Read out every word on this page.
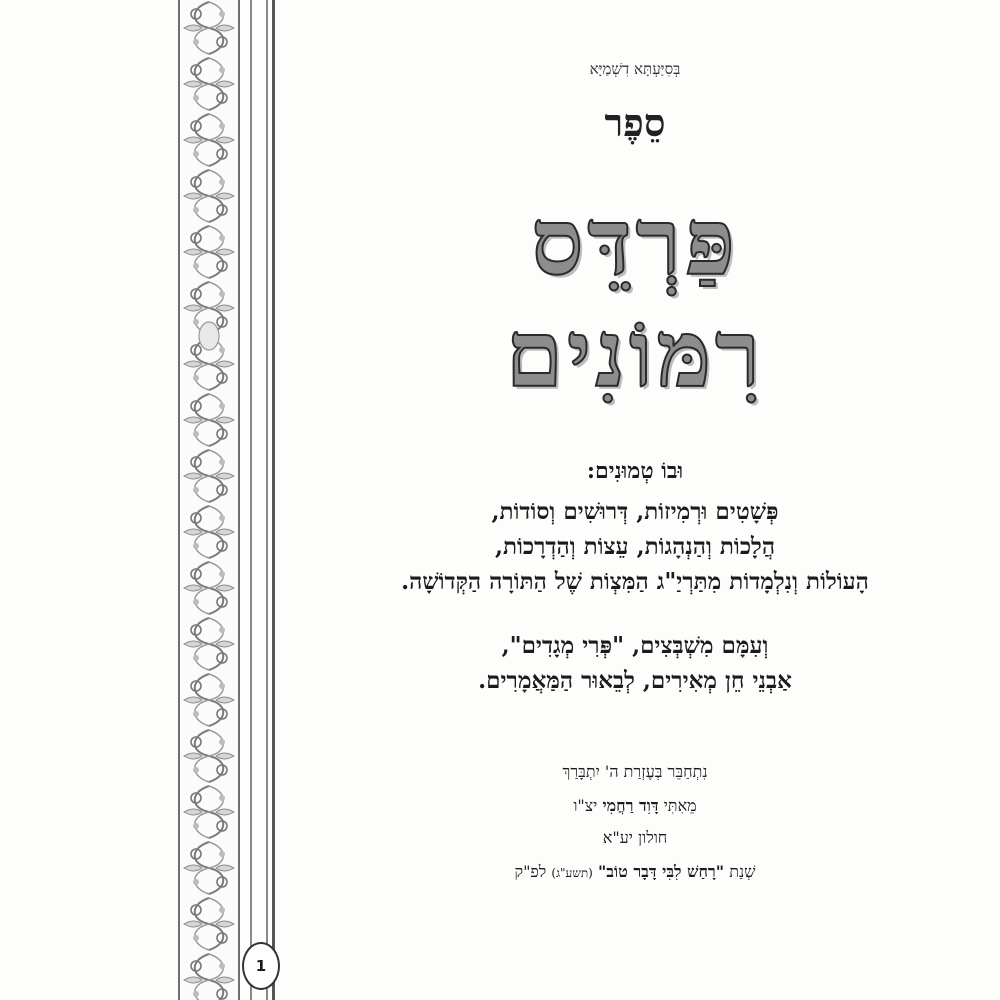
בְּסִיַּעְתָּא דִשְׁמַיָּא
סֵפֶר
פַּרְדֵּס
רִמּוֹנִים
וּבוֹ טְמוּנִים:
פְּשָׁטִים וּרְמִיזוֹת, דְּרוּשִׁים וְסוֹדוֹת,
הֲלָכוֹת וְהַנְהָגוֹת, עֵצוֹת וְהַדְרָכוֹת,
הָעוֹלוֹת וְנִלְמָדוֹת מִתַּרְיַ"ג הַמִּצְוֹת שֶׁל הַתּוֹרָה הַקְּדוֹשָׁה.
וְעִמָּם מִשְׁבְּצִים, "פְּרִי מְגָדִים",
אַבְנֵי חֵן מְאִירִים, לְבֵאוּר הַמַּאֲמָרִים.
נִתְחַבֵּר בְּעֶזְרַת ה' יִתְבָּרַךְ
מֵאִתִּי דָּוִד רַחֲמִי יצ"ו
חולון יע"א
שְׁנַת "רָחַשׁ לִבִּי דָּבָר טוֹב" (תשע"ג) לפ"ק
1
